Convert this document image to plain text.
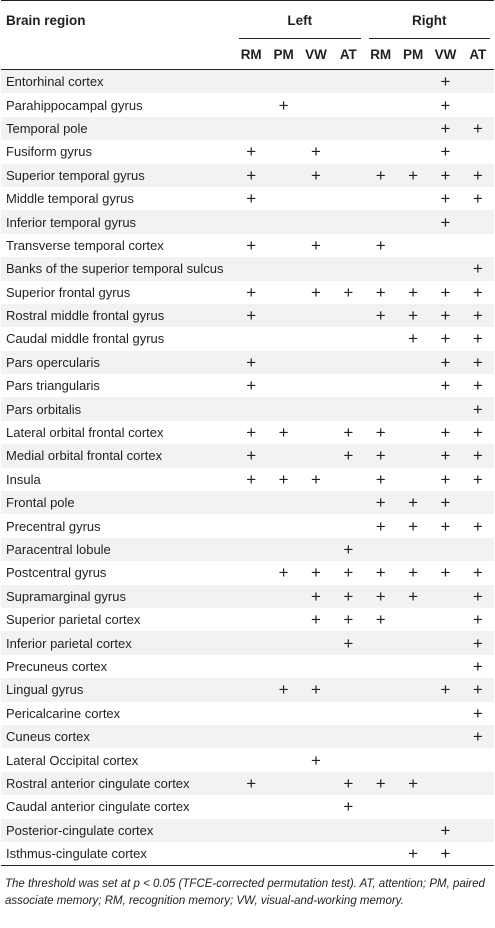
Brain region	Left				Right			
	RM	PM	VW	AT	RM	PM	VW	AT
Entorhinal cortex							+	
Parahippocampal gyrus		+					+	
Temporal pole							+	+
Fusiform gyrus	+		+				+	
Superior temporal gyrus	+		+		+	+	+	+
Middle temporal gyrus	+						+	+
Inferior temporal gyrus							+	
Transverse temporal cortex	+		+		+			
Banks of the superior temporal sulcus								+
Superior frontal gyrus	+		+	+	+	+	+	+
Rostral middle frontal gyrus	+				+	+	+	+
Caudal middle frontal gyrus						+	+	+
Pars opercularis	+						+	+
Pars triangularis	+						+	+
Pars orbitalis								+
Lateral orbital frontal cortex	+	+		+	+		+	+
Medial orbital frontal cortex	+			+	+		+	+
Insula	+	+	+		+		+	+
Frontal pole					+	+	+	
Precentral gyrus					+	+	+	+
Paracentral lobule				+				
Postcentral gyrus		+	+	+	+	+	+	+
Supramarginal gyrus			+	+	+	+		+
Superior parietal cortex			+	+	+			+
Inferior parietal cortex				+				+
Precuneus cortex								+
Lingual gyrus		+	+				+	+
Pericalcarine cortex								+
Cuneus cortex								+
Lateral Occipital cortex			+					
Rostral anterior cingulate cortex	+			+	+	+		
Caudal anterior cingulate cortex				+				
Posterior-cingulate cortex							+	
Isthmus-cingulate cortex						+	+	
The threshold was set at p < 0.05 (TFCE-corrected permutation test). AT, attention; PM, paired associate memory; RM, recognition memory; VW, visual-and-working memory.
